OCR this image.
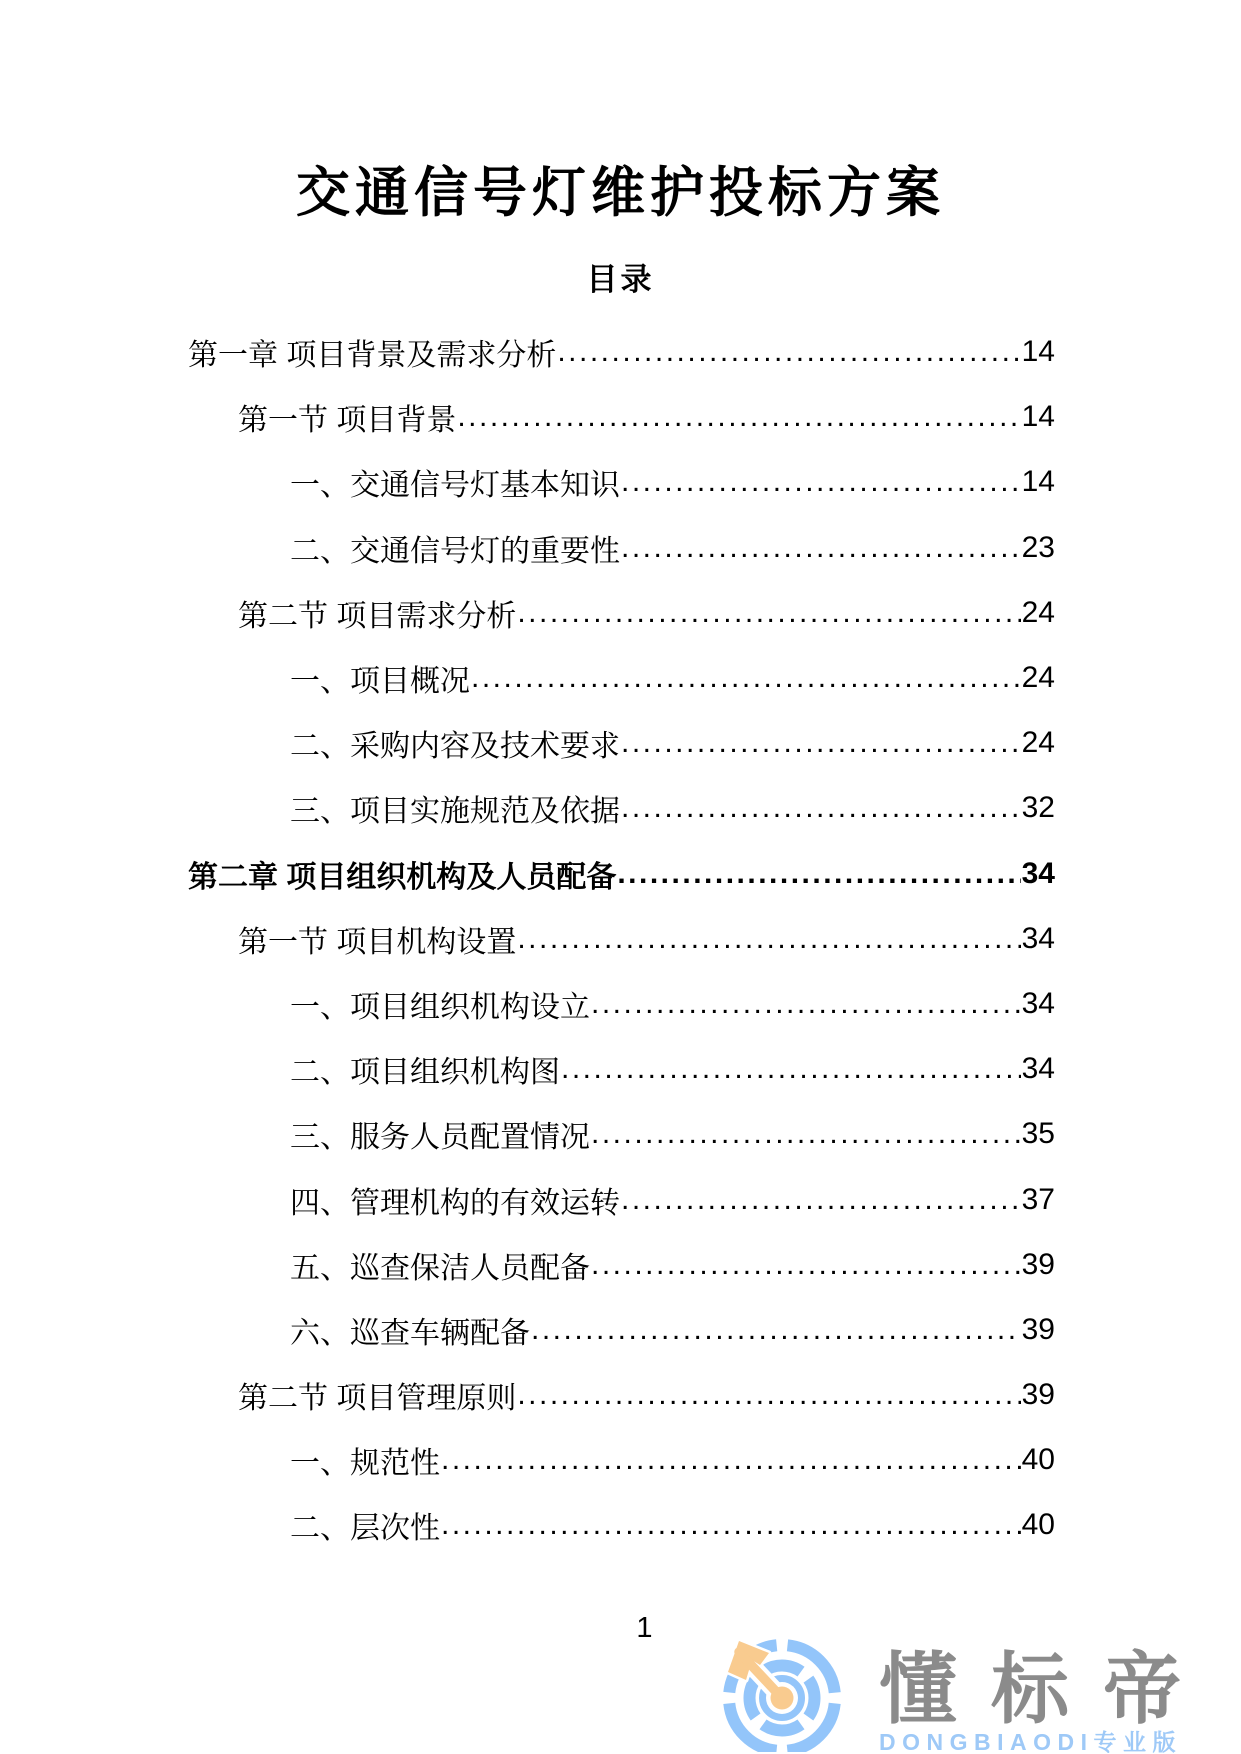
交通信号灯维护投标方案
目录
第一章 项目背景及需求分析 .....	14
第一节 项目背景 .....	14
一、交通信号灯基本知识 .....	14
二、交通信号灯的重要性 .....	23
第二节 项目需求分析 .....	24
一、项目概况 .....	24
二、采购内容及技术要求 .....	24
三、项目实施规范及依据 .....	32
第二章 项目组织机构及人员配备 .....	34
第一节 项目机构设置 .....	34
一、项目组织机构设立 .....	34
二、项目组织机构图 .....	34
三、服务人员配置情况 .....	35
四、管理机构的有效运转 .....	37
五、巡查保洁人员配备 .....	39
六、巡查车辆配备 .....	39
第二节 项目管理原则 .....	39
一、规范性 .....	40
二、层次性 .....	40
1
懂标帝
DONGBIAODI专业版
